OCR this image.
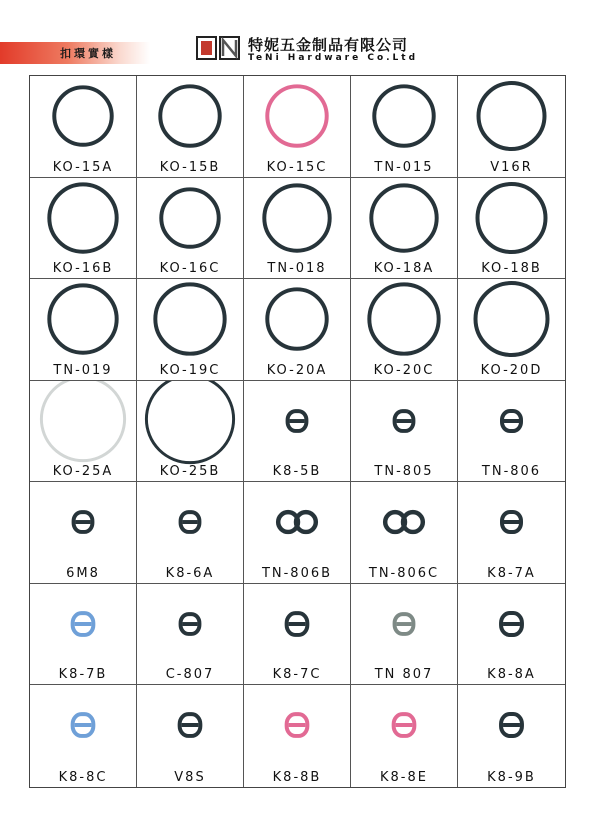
扣環實樣	特妮五金制品有限公司
TeNi Hardware Co.Ltd
KO-15A	KO-15B	KO-15C	TN-015	V16R
KO-16B	KO-16C	TN-018	KO-18A	KO-18B
TN-019	KO-19C	KO-20A	KO-20C	KO-20D
KO-25A	KO-25B	K8-5B	TN-805	TN-806
6M8	K8-6A	TN-806B	TN-806C	K8-7A
K8-7B	C-807	K8-7C	TN 807	K8-8A
K8-8C	V8S	K8-8B	K8-8E	K8-9B
